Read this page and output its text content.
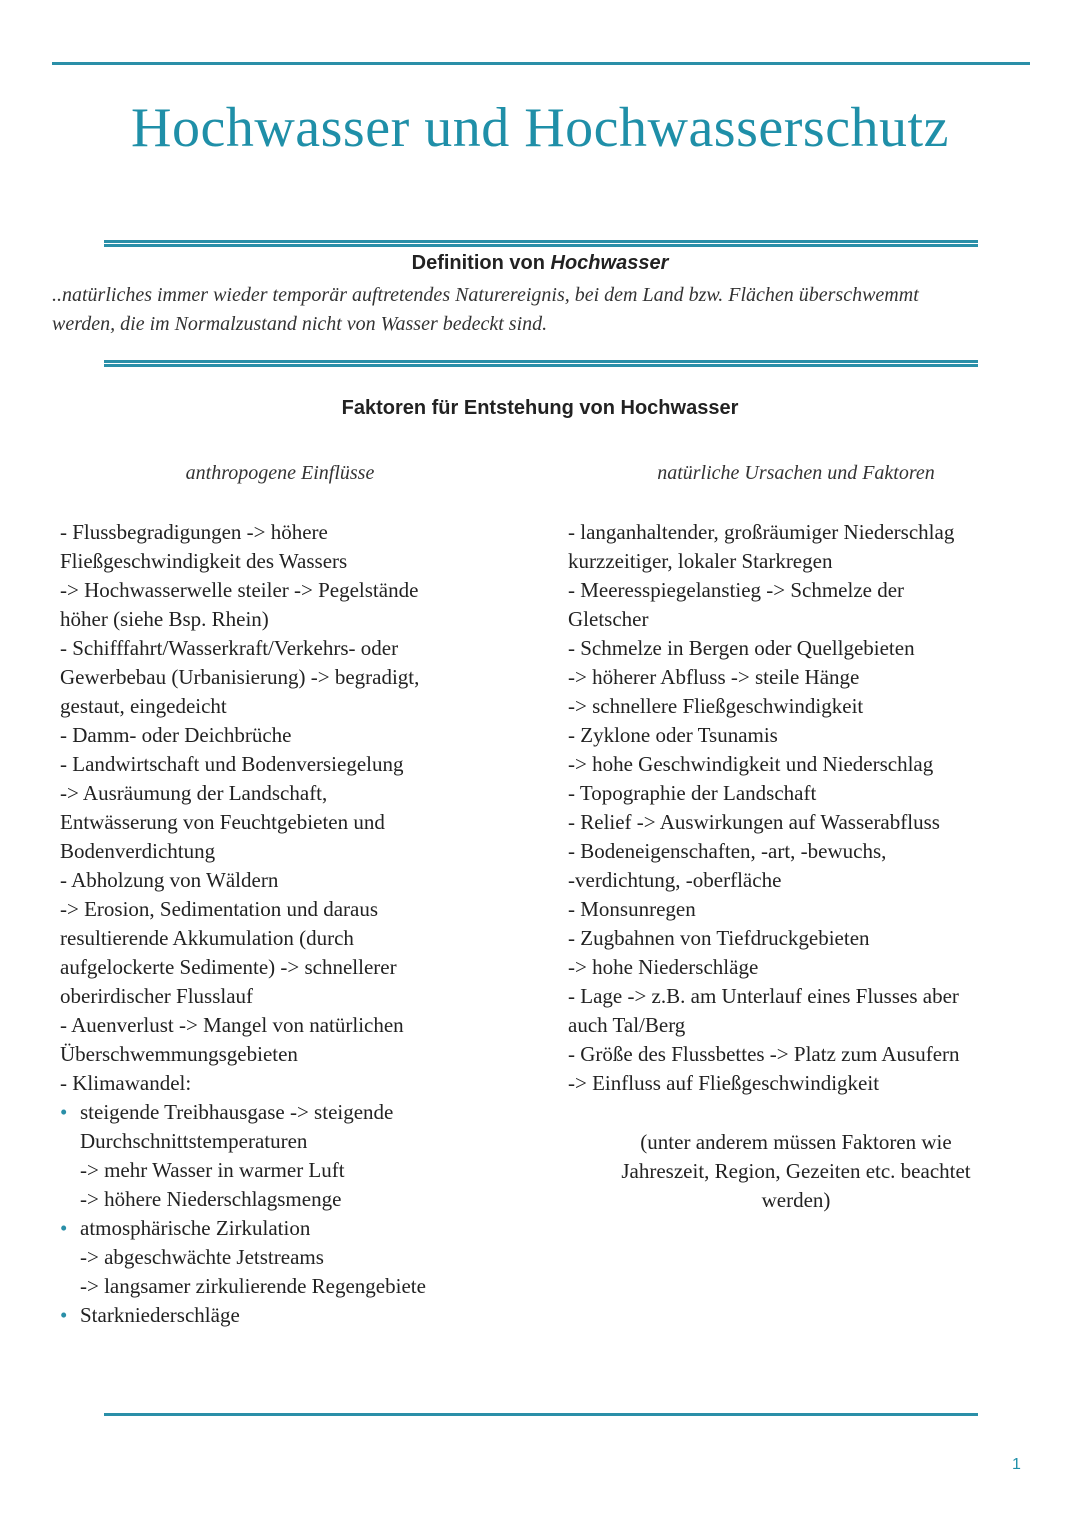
Hochwasser und Hochwasserschutz
Definition von Hochwasser
..natürliches immer wieder temporär auftretendes Naturereignis, bei dem Land bzw. Flächen überschwemmt
werden, die im Normalzustand nicht von Wasser bedeckt sind.
Faktoren für Entstehung von Hochwasser
anthropogene Einflüsse	natürliche Ursachen und Faktoren
- Flussbegradigungen -> höhere
Fließgeschwindigkeit des Wassers
-> Hochwasserwelle steiler -> Pegelstände
höher (siehe Bsp. Rhein)
- Schifffahrt/Wasserkraft/Verkehrs- oder
Gewerbebau (Urbanisierung) -> begradigt,
gestaut, eingedeicht
- Damm- oder Deichbrüche
- Landwirtschaft und Bodenversiegelung
-> Ausräumung der Landschaft,
Entwässerung von Feuchtgebieten und
Bodenverdichtung
- Abholzung von Wäldern
-> Erosion, Sedimentation und daraus
resultierende Akkumulation (durch
aufgelockerte Sedimente) -> schnellerer
oberirdischer Flusslauf
- Auenverlust -> Mangel von natürlichen
Überschwemmungsgebieten
- Klimawandel:
• steigende Treibhausgase -> steigende
Durchschnittstemperaturen
-> mehr Wasser in warmer Luft
-> höhere Niederschlagsmenge
• atmosphärische Zirkulation
-> abgeschwächte Jetstreams
-> langsamer zirkulierende Regengebiete
• Starkniederschläge
- langanhaltender, großräumiger Niederschlag
kurzzeitiger, lokaler Starkregen
- Meeresspiegelanstieg -> Schmelze der
Gletscher
- Schmelze in Bergen oder Quellgebieten
-> höherer Abfluss -> steile Hänge
-> schnellere Fließgeschwindigkeit
- Zyklone oder Tsunamis
-> hohe Geschwindigkeit und Niederschlag
- Topographie der Landschaft
- Relief -> Auswirkungen auf Wasserabfluss
- Bodeneigenschaften, -art, -bewuchs,
-verdichtung, -oberfläche
- Monsunregen
- Zugbahnen von Tiefdruckgebieten
-> hohe Niederschläge
- Lage -> z.B. am Unterlauf eines Flusses aber
auch Tal/Berg
- Größe des Flussbettes -> Platz zum Ausufern
-> Einfluss auf Fließgeschwindigkeit
(unter anderem müssen Faktoren wie
Jahreszeit, Region, Gezeiten etc. beachtet
werden)
1
